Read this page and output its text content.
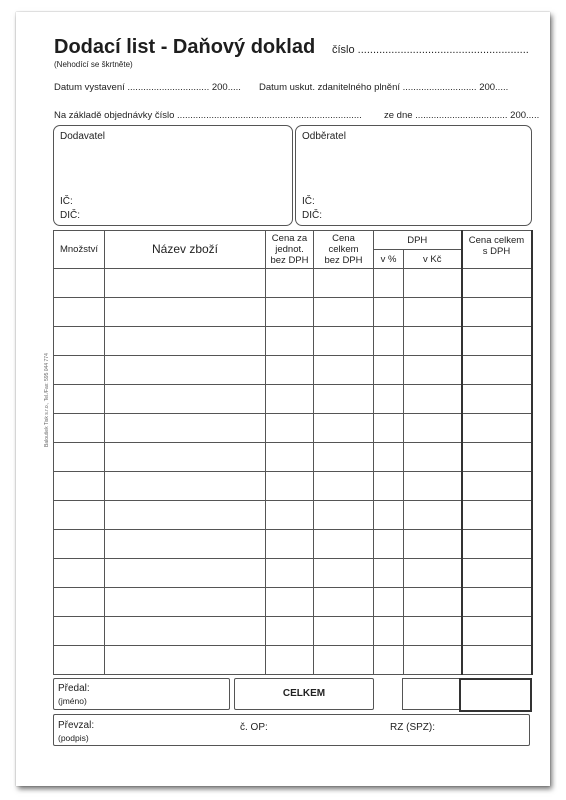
Dodací list - Daňový doklad číslo ........................................................
(Nehodící se škrtněte)
Datum vystavení ............................... 200..... Datum uskut. zdanitelného plnění ............................ 200.....
Na základě objednávky číslo ...................................................................... ze dne ................................... 200.....
Dodavatel
IČ:
DIČ:
Odběratel
IČ:
DIČ:
Množství	Název zboží	Cena za
jednot.
bez DPH	Cena
celkem
bez DPH	DPH		Cena celkem
s DPH
				v %	v Kč	

Předal:
(jméno)
CELKEM
Převzal:
(podpis)
č. OP:	RZ (SPZ):
Baloušek Tisk s.r.o., Tel./Fax: 595 044 774
